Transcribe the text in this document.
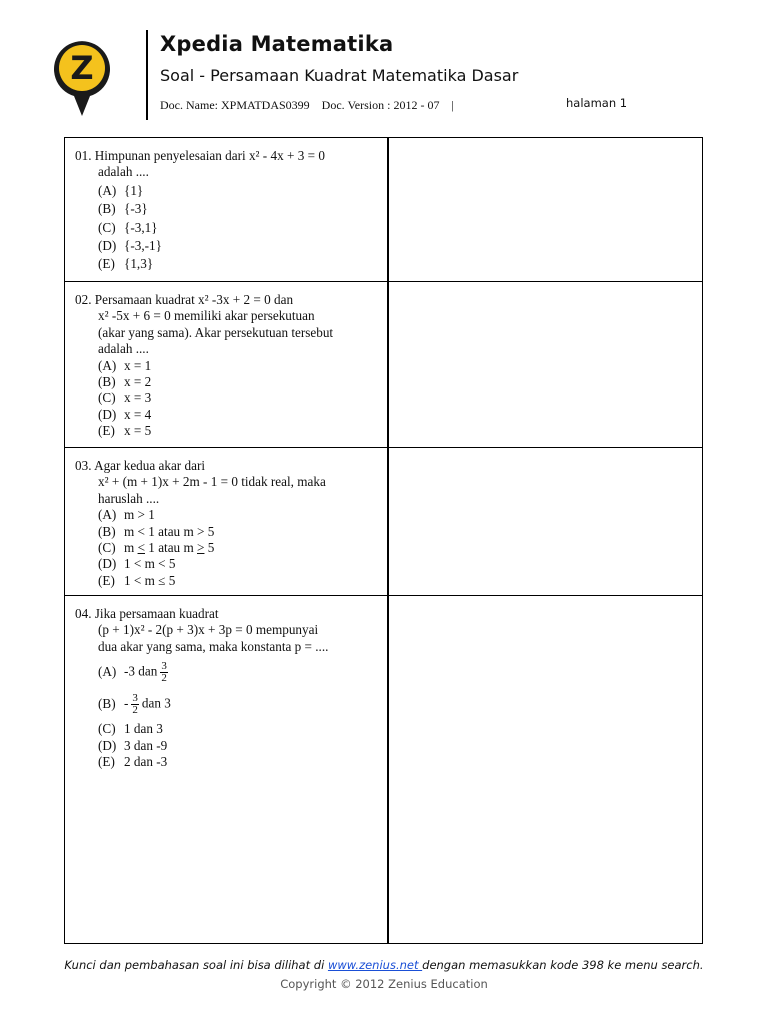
Z
Xpedia Matematika
Soal - Persamaan Kuadrat Matematika Dasar
Doc. Name: XPMATDAS0399 Doc. Version : 2012 - 07 |	halaman 1
01. Himpunan penyelesaian dari x² - 4x + 3 = 0
adalah ....
(A) {1}
(B) {-3}
(C) {-3,1}
(D) {-3,-1}
(E) {1,3}
02. Persamaan kuadrat x² -3x + 2 = 0 dan
x² -5x + 6 = 0 memiliki akar persekutuan
(akar yang sama). Akar persekutuan tersebut
adalah ....
(A) x = 1
(B) x = 2
(C) x = 3
(D) x = 4
(E) x = 5
03. Agar kedua akar dari
x² + (m + 1)x + 2m - 1 = 0 tidak real, maka
haruslah ....
(A) m > 1
(B) m < 1 atau m > 5
(C) m < 1 atau m > 5
(D) 1 < m < 5
(E) 1 < m ≤ 5
04. Jika persamaan kuadrat
(p + 1)x² - 2(p + 3)x + 3p = 0 mempunyai
dua akar yang sama, maka konstanta p = ....
(A) -3 dan $\frac{3}{2}$
$(B) - \frac{3}{2}$ dan 3
(C) 1 dan 3
(D) 3 dan -9
(E) 2 dan -3
Kunci dan pembahasan soal ini bisa dilihat di www.zenius.net dengan memasukkan kode 398 ke menu search.
Copyright © 2012 Zenius Education
